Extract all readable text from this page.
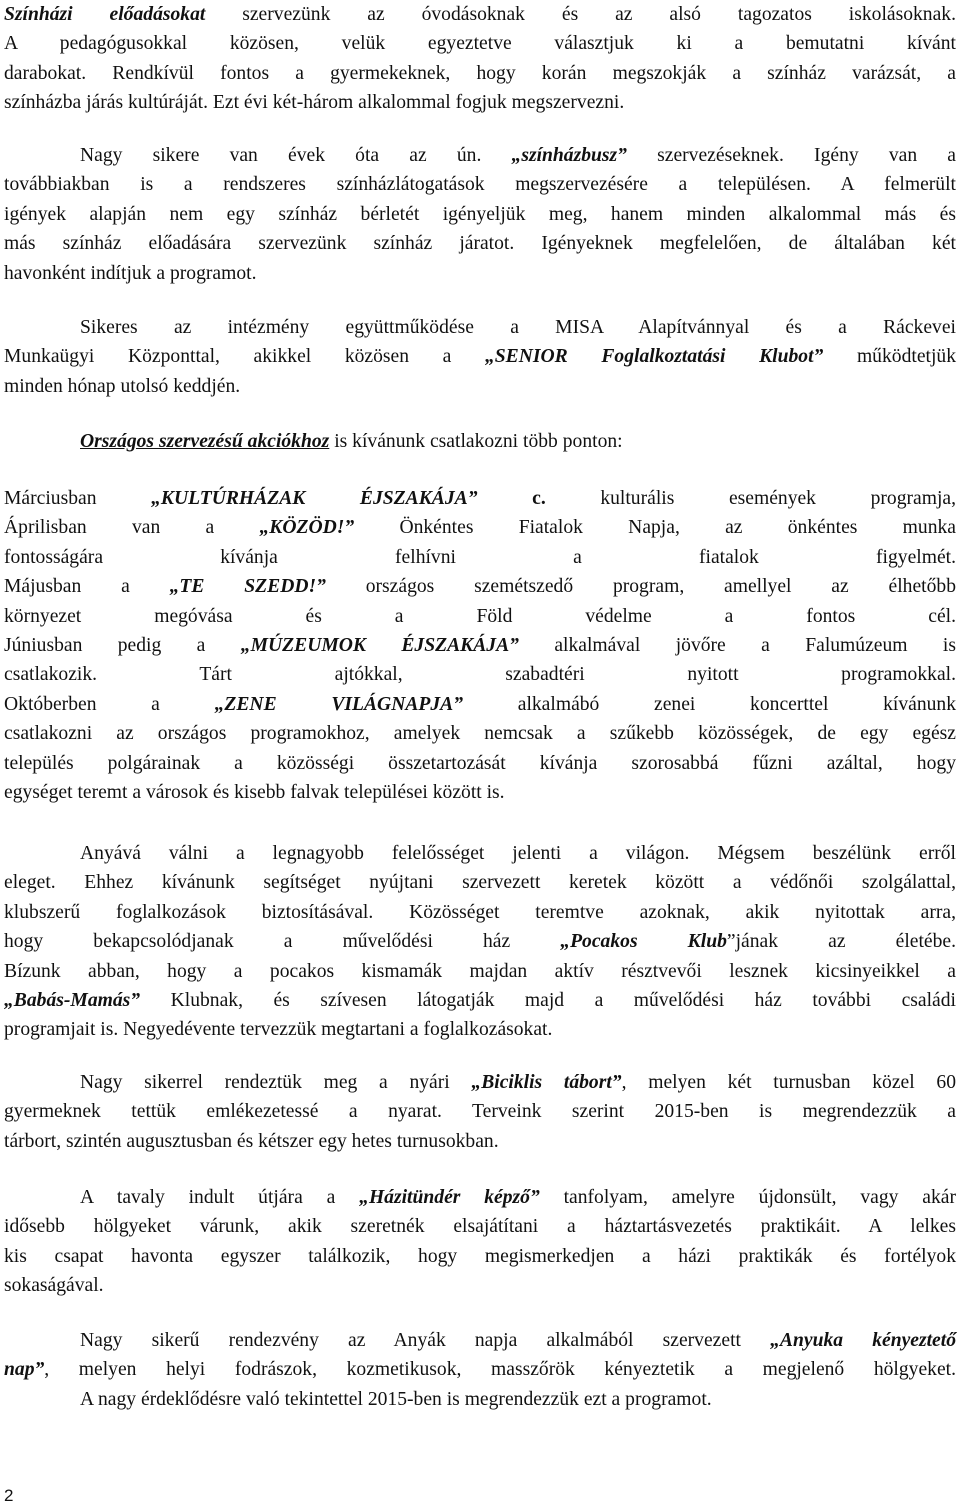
Színházi előadásokat szervezünk az óvodásoknak és az alsó tagozatos iskolásoknak.
A pedagógusokkal közösen, velük egyeztetve választjuk ki a bemutatni kívánt
darabokat. Rendkívül fontos a gyermekeknek, hogy korán megszokják a színház varázsát, a
színházba járás kultúráját. Ezt évi két-három alkalommal fogjuk megszervezni.
Nagy sikere van évek óta az ún. „színházbusz” szervezéseknek. Igény van a
továbbiakban is a rendszeres színházlátogatások megszervezésére a településen. A felmerült
igények alapján nem egy színház bérletét igényeljük meg, hanem minden alkalommal más és
más színház előadására szervezünk színház járatot. Igényeknek megfelelően, de általában két
havonként indítjuk a programot.
Sikeres az intézmény együttműködése a MISA Alapítvánnyal és a Ráckevei
Munkaügyi Központtal, akikkel közösen a „SENIOR Foglalkoztatási Klubot” működtetjük
minden hónap utolsó keddjén.
Országos szervezésű akciókhoz is kívánunk csatlakozni több ponton:
Márciusban „KULTÚRHÁZAK ÉJSZAKÁJA” c. kulturális események programja,
Áprilisban van a „KÖZÖD!” Önkéntes Fiatalok Napja, az önkéntes munka
fontosságára kívánja felhívni a fiatalok figyelmét.
Májusban a „TE SZEDD!” országos szemétszedő program, amellyel az élhetőbb
környezet megóvása és a Föld védelme a fontos cél.
Júniusban pedig a „MÚZEUMOK ÉJSZAKÁJA” alkalmával jövőre a Falumúzeum is
csatlakozik. Tárt ajtókkal, szabadtéri nyitott programokkal.
Októberben a „ZENE VILÁGNAPJA” alkalmábó zenei koncerttel kívánunk
csatlakozni az országos programokhoz, amelyek nemcsak a szűkebb közösségek, de egy egész
település polgárainak a közösségi összetartozását kívánja szorosabbá fűzni azáltal, hogy
egységet teremt a városok és kisebb falvak települései között is.
Anyává válni a legnagyobb felelősséget jelenti a világon. Mégsem beszélünk erről
eleget. Ehhez kívánunk segítséget nyújtani szervezett keretek között a védőnői szolgálattal,
klubszerű foglalkozások biztosításával. Közösséget teremtve azoknak, akik nyitottak arra,
hogy bekapcsolódjanak a művelődési ház „Pocakos Klub”jának az életébe.
Bízunk abban, hogy a pocakos kismamák majdan aktív résztvevői lesznek kicsinyeikkel a
„Babás-Mamás” Klubnak, és szívesen látogatják majd a művelődési ház további családi
programjait is. Negyedévente tervezzük megtartani a foglalkozásokat.
Nagy sikerrel rendeztük meg a nyári „Biciklis tábort”, melyen két turnusban közel 60
gyermeknek tettük emlékezetessé a nyarat. Terveink szerint 2015-ben is megrendezzük a
tárbort, szintén augusztusban és kétszer egy hetes turnusokban.
A tavaly indult útjára a „Házitündér képző” tanfolyam, amelyre újdonsült, vagy akár
idősebb hölgyeket várunk, akik szeretnék elsajátítani a háztartásvezetés praktikáit. A lelkes
kis csapat havonta egyszer találkozik, hogy megismerkedjen a házi praktikák és fortélyok
sokaságával.
Nagy sikerű rendezvény az Anyák napja alkalmából szervezett „Anyuka kényeztető
nap”, melyen helyi fodrászok, kozmetikusok, masszőrök kényeztetik a megjelenő hölgyeket.
A nagy érdeklődésre való tekintettel 2015-ben is megrendezzük ezt a programot.
2
